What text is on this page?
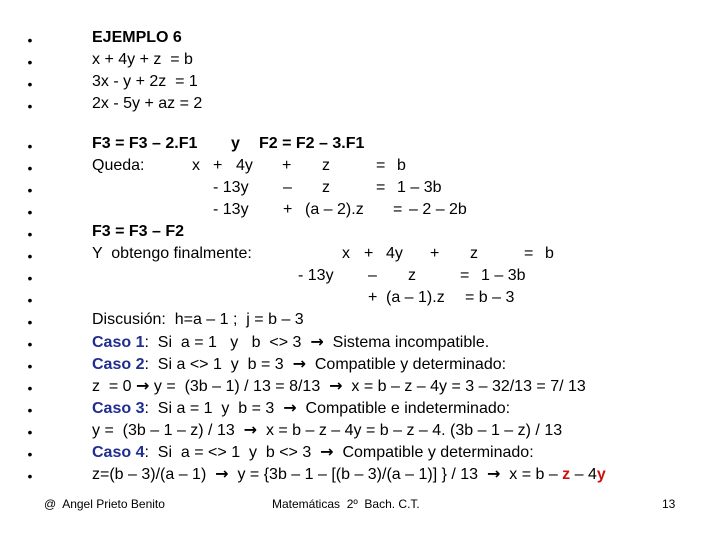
•
•
•
•
•
•
•
•
•
•
•
•
•
•
•
•
•
•
•
•
EJEMPLO 6
x + 4y + z  = b
3x - y + 2z  = 1
2x - 5y + az = 2
F3 = F3 – 2.F1 y F2 = F2 – 3.F1
Queda:	x + 4y + z	= b
- 13y – z	= 1 – 3b
- 13y + (a – 2).z = – 2 – 2b
F3 = F3 – F2
Y  obtengo finalmente:	x + 4y + z	= b
- 13y – z	= 1 – 3b
+ (a – 1).z = b – 3
Discusión:  h=a – 1 ;  j = b – 3
Caso 1:  Si  a = 1   y   b  <> 3 → Sistema incompatible.
Caso 2:  Si a <> 1  y  b = 3 → Compatible y determinado:
z  = 0 → y =  (3b – 1) / 13 = 8/13 → x = b – z – 4y = 3 – 32/13 = 7/ 13
Caso 3:  Si a = 1  y  b = 3 → Compatible e indeterminado:
y =  (3b – 1 – z) / 13 → x = b – z – 4y = b – z – 4. (3b – 1 – z) / 13
Caso 4:  Si  a = <> 1  y  b <> 3 → Compatible y determinado:
z=(b – 3)/(a – 1) → y = {3b – 1 – [(b – 3)/(a – 1)] } / 13 → x = b – z – 4y
@  Angel Prieto Benito	Matemáticas  2º  Bach. C.T.	13
